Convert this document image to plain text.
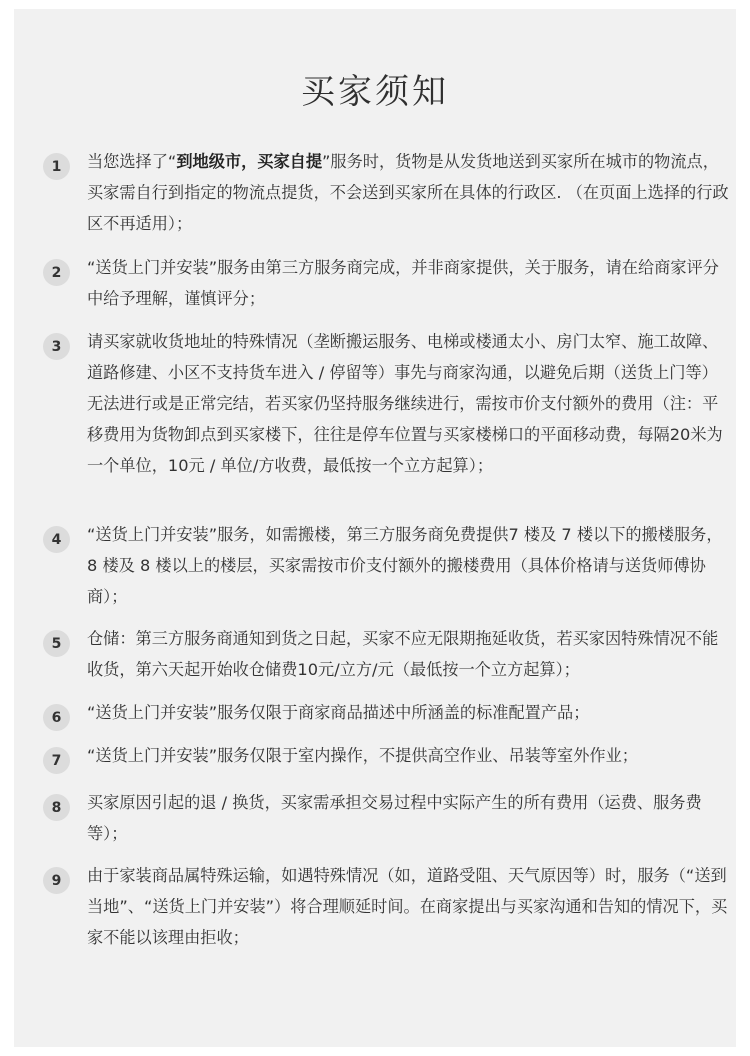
买家须知
1	当您选择了“到地级市，买家自提”服务时，货物是从发货地送到买家所在城市的物流点，买家需自行到指定的物流点提货，不会送到买家所在具体的行政区. （在页面上选择的行政区不再适用）；

2	“送货上门并安装”服务由第三方服务商完成，并非商家提供，关于服务，请在给商家评分中给予理解，谨慎评分；

3	请买家就收货地址的特殊情况（垄断搬运服务、电梯或楼通太小、房门太窄、施工故障、道路修建、小区不支持货车进入 / 停留等）事先与商家沟通，以避免后期（送货上门等）无法进行或是正常完结，若买家仍坚持服务继续进行，需按市价支付额外的费用（注：平移费用为货物卸点到买家楼下，往往是停车位置与买家楼梯口的平面移动费，每隔20米为一个单位，10元 / 单位/方收费，最低按一个立方起算）；

4	“送货上门并安装”服务，如需搬楼，第三方服务商免费提供7 楼及 7 楼以下的搬楼服务，8 楼及 8 楼以上的楼层，买家需按市价支付额外的搬楼费用（具体价格请与送货师傅协商）；

5	仓储：第三方服务商通知到货之日起，买家不应无限期拖延收货，若买家因特殊情况不能收货，第六天起开始收仓储费10元/立方/元（最低按一个立方起算）；

6	“送货上门并安装”服务仅限于商家商品描述中所涵盖的标准配置产品；

7	“送货上门并安装”服务仅限于室内操作，不提供高空作业、吊装等室外作业；

8	买家原因引起的退 / 换货，买家需承担交易过程中实际产生的所有费用（运费、服务费等）；

9	由于家装商品属特殊运输，如遇特殊情况（如，道路受阻、天气原因等）时，服务（“送到当地”、“送货上门并安装”）将合理顺延时间。在商家提出与买家沟通和告知的情况下，买家不能以该理由拒收；
